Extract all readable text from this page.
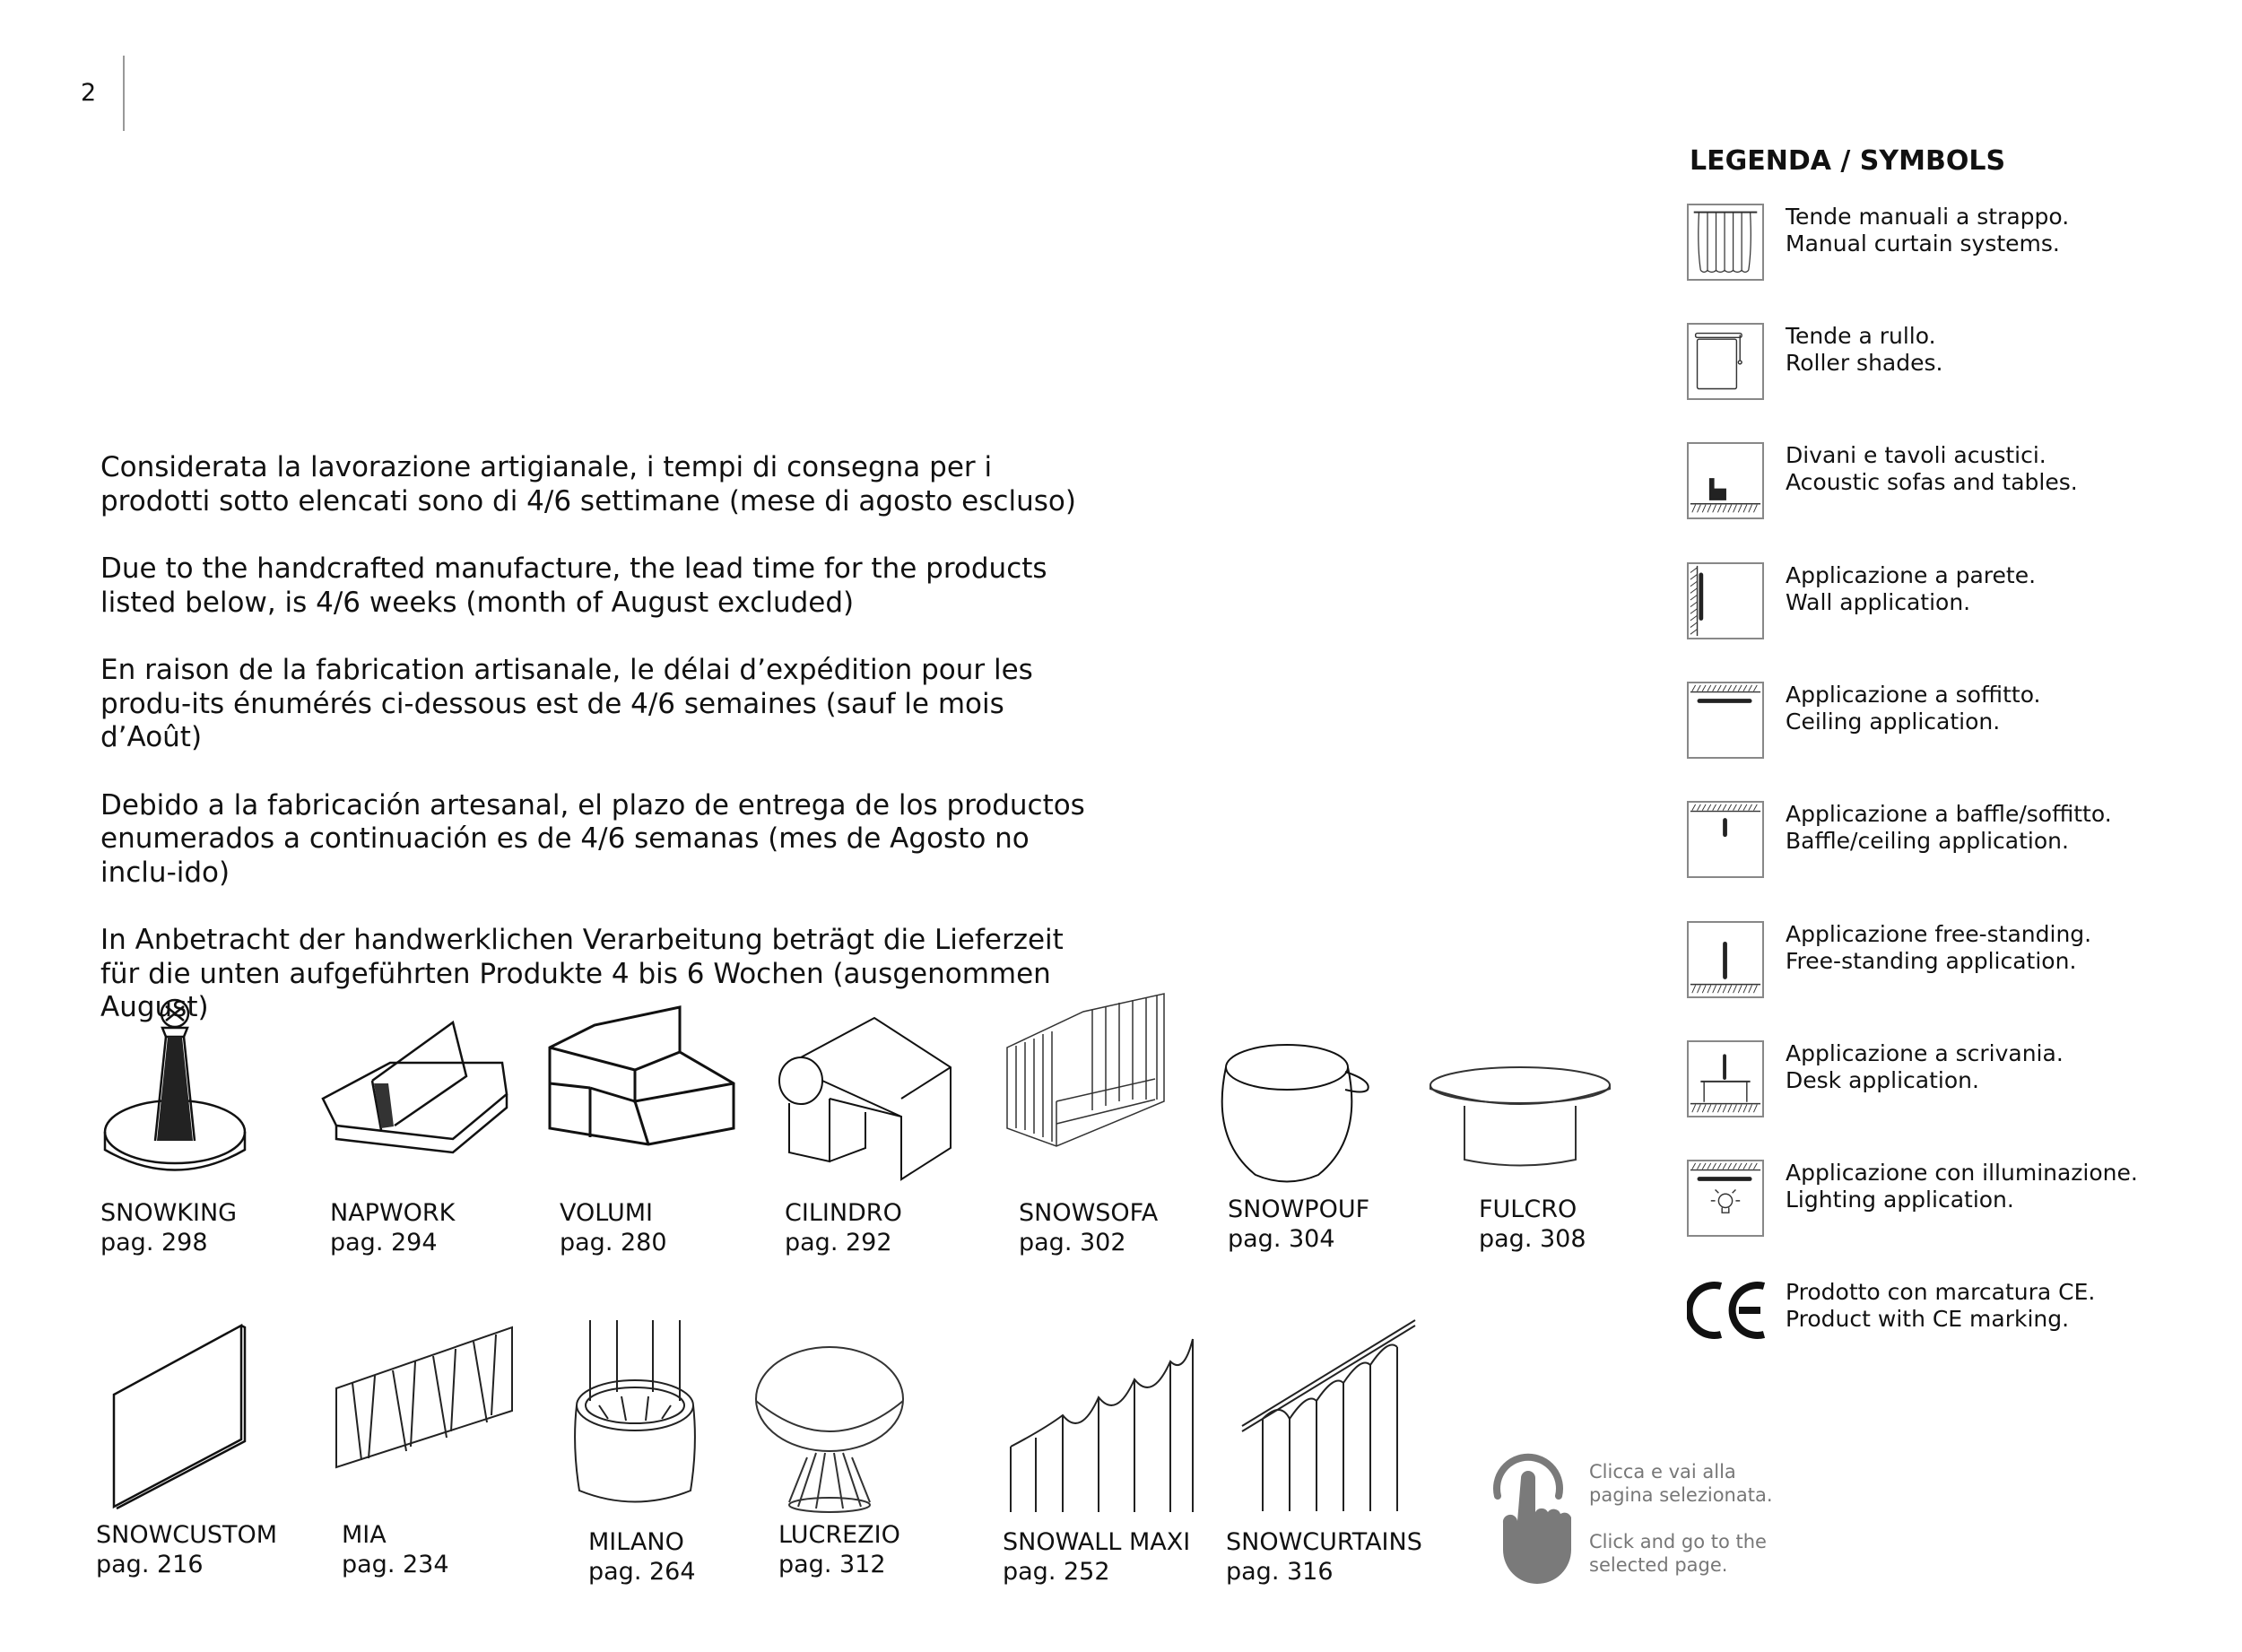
2

Considerata la lavorazione artigianale, i tempi di consegna per i prodotti sotto elencati sono di 4/6 settimane (mese di agosto escluso)

Due to the handcrafted manufacture, the lead time for the products listed below, is 4/6 weeks (month of August excluded)

En raison de la fabrication artisanale, le délai d’expédition pour les produ-its énumérés ci-dessous est de 4/6 semaines (sauf le mois d’Août)

Debido a la fabricación artesanal, el plazo de entrega de los productos enumerados a continuación es de 4/6 semanas (mes de Agosto no inclu-ido)

In Anbetracht der handwerklichen Verarbeitung beträgt die Lieferzeit für die unten aufgeführten Produkte 4 bis 6 Wochen (ausgenommen August)

LEGENDA / SYMBOLS
Tende manuali a strappo.
Manual curtain systems.
Tende a rullo.
Roller shades.
Divani e tavoli acustici.
Acoustic sofas and tables.
Applicazione a parete.
Wall application.
Applicazione a soffitto.
Ceiling application.
Applicazione a baffle/soffitto.
Baffle/ceiling application.
Applicazione free-standing.
Free-standing application.
Applicazione a scrivania.
Desk application.
Applicazione con illuminazione.
Lighting application.
Prodotto con marcatura CE.
Product with CE marking.
SNOWKING
pag. 298
NAPWORK
pag. 294
VOLUMI
pag. 280
CILINDRO
pag. 292
SNOWSOFA
pag. 302
SNOWPOUF
pag. 304
FULCRO
pag. 308
SNOWCUSTOM
pag. 216
MIA
pag. 234
MILANO
pag. 264
LUCREZIO
pag. 312
SNOWALL MAXI
pag. 252
SNOWCURTAINS
pag. 316

Clicca e vai alla pagina selezionata.

Click and go to the selected page.
